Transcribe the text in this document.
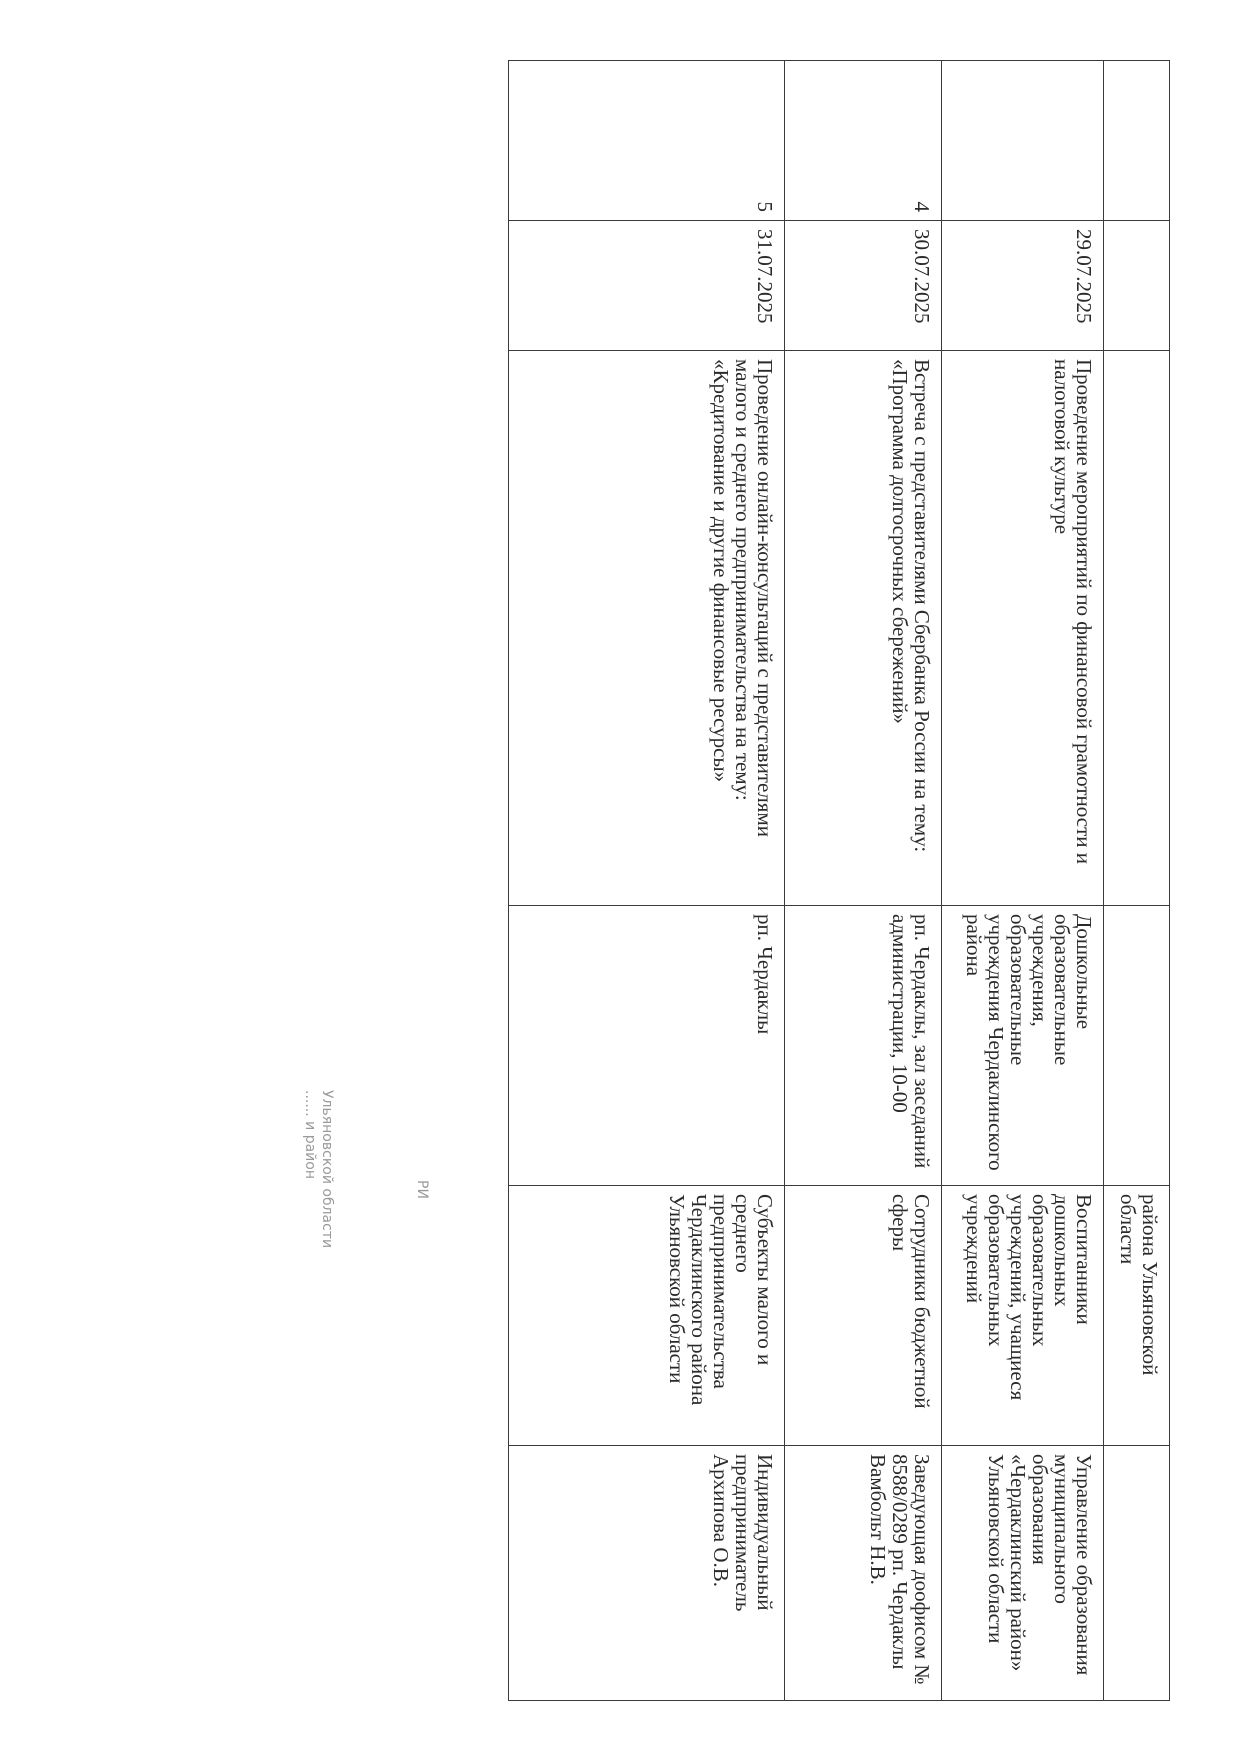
				района Ульяновской области	
	29.07.2025	Проведение мероприятий по финансовой грамотности и налоговой культуре	Дошкольные образовательные учреждения, образовательные учреждения Чердаклинского района	Воспитанники дошкольных образовательных учреждений, учащиеся образовательных учреждений	Управление образования муниципального образования «Чердаклинский район» Ульяновской области
4	30.07.2025	Встреча с представителями Сбербанка России на тему: «Программа долгосрочных сбережений»	рп. Чердаклы, зал заседаний администрации, 10-00	Сотрудники бюджетной сферы	Заведующая доофисом № 8588/0289 рп. Чердаклы Вамбольт Н.В.
5	31.07.2025	Проведение онлайн-консультаций с представителями малого и среднего предпринимательства на тему: «Кредитование и другие финансовые ресурсы»	рп. Чердаклы	Субъекты малого и среднего предпринимательства Чердаклинского района Ульяновской области	Индивидуальный предприниматель Архипова О.В.
Ульяновской области
...... и район
РИ
